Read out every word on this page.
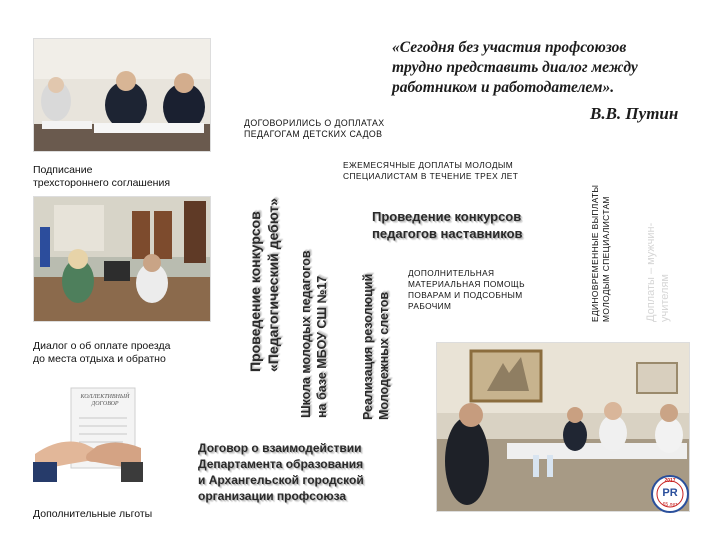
«Сегодня без участия профсоюзов
трудно представить диалог между
работником и работодателем».
В.В. Путин
Подписание
трехстороннего соглашения
Диалог о об оплате проезда
до места отдыха и обратно
КОЛЛЕКТИВНЫЙ
ДОГОВОР
Дополнительные льготы
ДОГОВОРИЛИСЬ О ДОПЛАТАХ
ПЕДАГОГАМ ДЕТСКИХ САДОВ
ЕЖЕМЕСЯЧНЫЕ ДОПЛАТЫ МОЛОДЫМ
СПЕЦИАЛИСТАМ В ТЕЧЕНИЕ ТРЕХ ЛЕТ
Проведение конкурсов
педагогов наставников
ДОПОЛНИТЕЛЬНАЯ
МАТЕРИАЛЬНАЯ ПОМОЩЬ
ПОВАРАМ И ПОДСОБНЫМ
РАБОЧИМ
Проведение конкурсов «Педагогический дебют» Школа молодых педагогов на базе МБОУ СШ №17	Реализация резолюций Молодежных слетов
ЕДИНОВРЕМЕННЫЕ ВЫПЛАТЫ МОЛОДЫМ СПЕЦИАЛИСТАМ	Доплаты – мужчин- учителям
Договор о взаимодействии
Департамента образования
и Архангельской городской
организации профсоюза
2017
PR
65 лет
